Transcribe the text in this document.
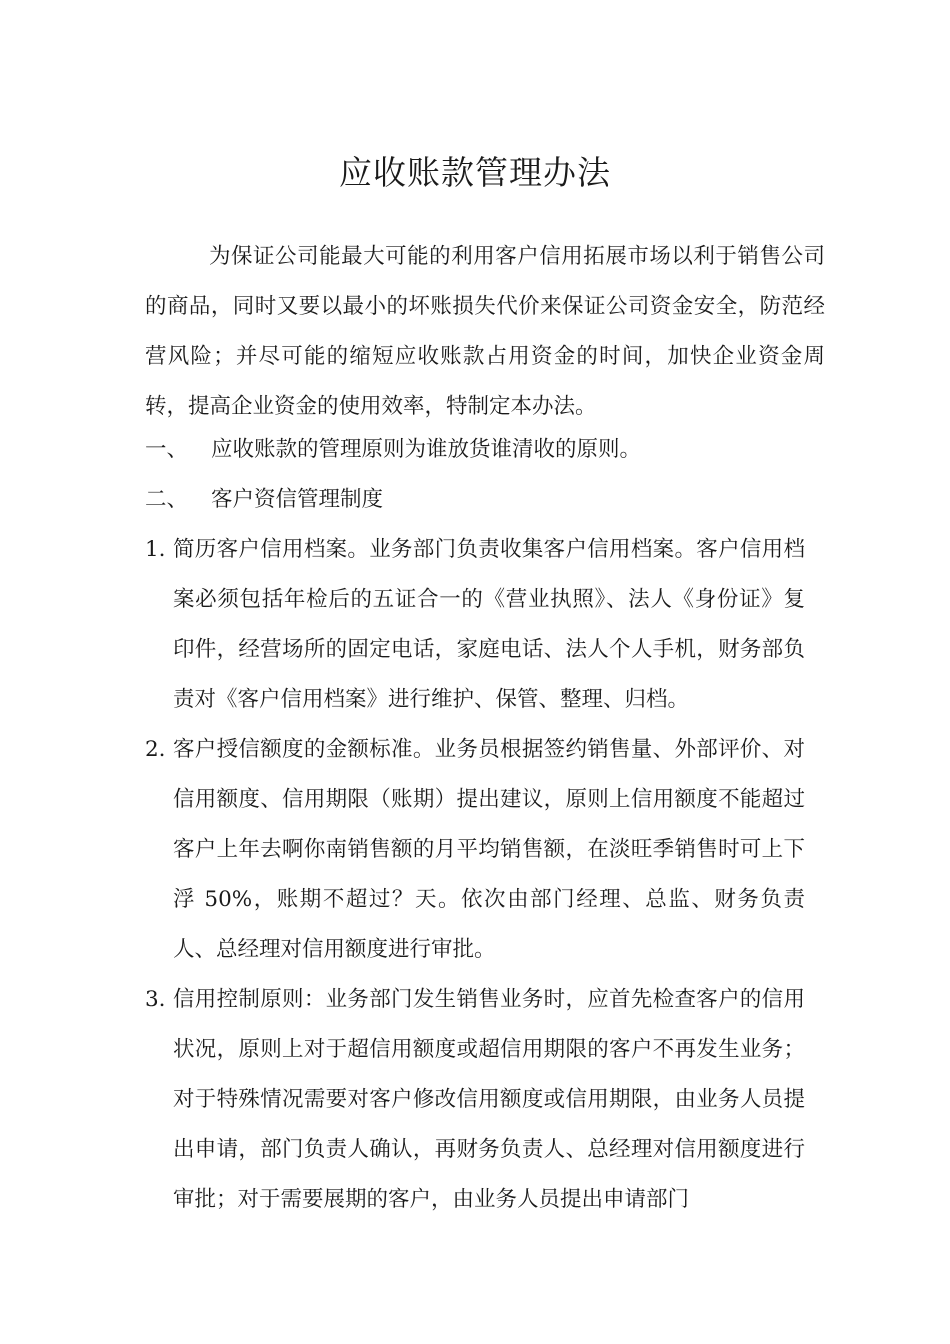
应收账款管理办法

为保证公司能最大可能的利用客户信用拓展市场以利于销售公司的商品，同时又要以最小的坏账损失代价来保证公司资金安全，防范经营风险；并尽可能的缩短应收账款占用资金的时间，加快企业资金周转，提高企业资金的使用效率，特制定本办法。

一、 应收账款的管理原则为谁放货谁清收的原则。
二、 客户资信管理制度
1. 简历客户信用档案。业务部门负责收集客户信用档案。客户信用档案必须包括年检后的五证合一的《营业执照》、法人《身份证》复印件，经营场所的固定电话，家庭电话、法人个人手机，财务部负责对《客户信用档案》进行维护、保管、整理、归档。
2. 客户授信额度的金额标准。业务员根据签约销售量、外部评价、对信用额度、信用期限（账期）提出建议，原则上信用额度不能超过客户上年去啊你南销售额的月平均销售额，在淡旺季销售时可上下浮 50%，账期不超过？天。依次由部门经理、总监、财务负责人、总经理对信用额度进行审批。
3. 信用控制原则：业务部门发生销售业务时，应首先检查客户的信用状况，原则上对于超信用额度或超信用期限的客户不再发生业务；对于特殊情况需要对客户修改信用额度或信用期限，由业务人员提出申请，部门负责人确认，再财务负责人、总经理对信用额度进行审批；对于需要展期的客户，由业务人员提出申请部门
